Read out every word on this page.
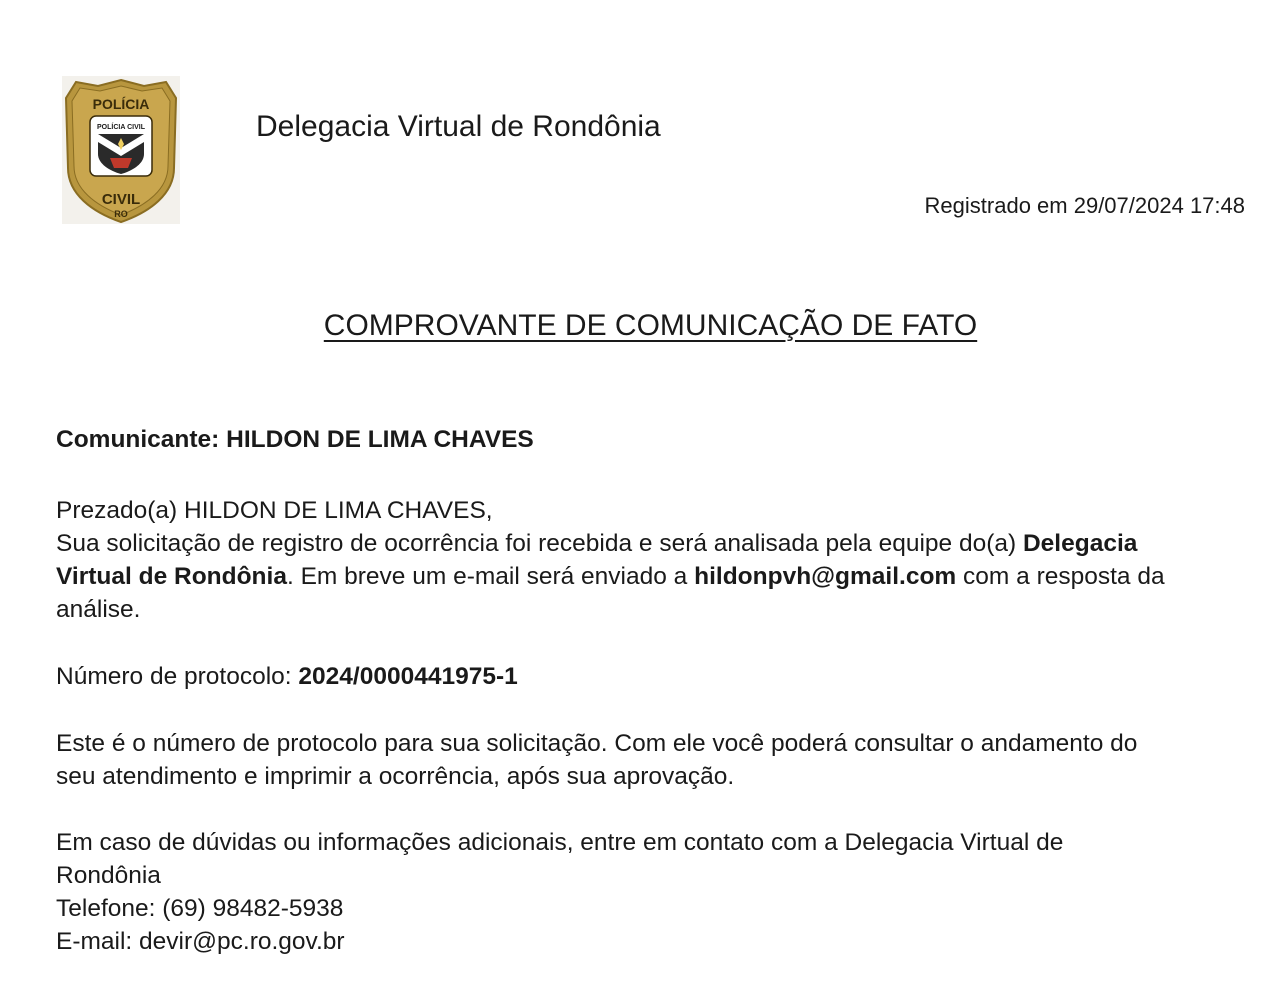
POLÍCIA
POLÍCIA CIVIL
CIVIL
RO
Delegacia Virtual de Rondônia
Registrado em 29/07/2024 17:48
COMPROVANTE DE COMUNICAÇÃO DE FATO
Comunicante: HILDON DE LIMA CHAVES
Prezado(a) HILDON DE LIMA CHAVES,
Sua solicitação de registro de ocorrência foi recebida e será analisada pela equipe do(a) Delegacia
Virtual de Rondônia. Em breve um e-mail será enviado a hildonpvh@gmail.com com a resposta da
análise.
Número de protocolo: 2024/0000441975-1
Este é o número de protocolo para sua solicitação. Com ele você poderá consultar o andamento do
seu atendimento e imprimir a ocorrência, após sua aprovação.
Em caso de dúvidas ou informações adicionais, entre em contato com a Delegacia Virtual de
Rondônia
Telefone: (69) 98482-5938
E-mail: devir@pc.ro.gov.br
